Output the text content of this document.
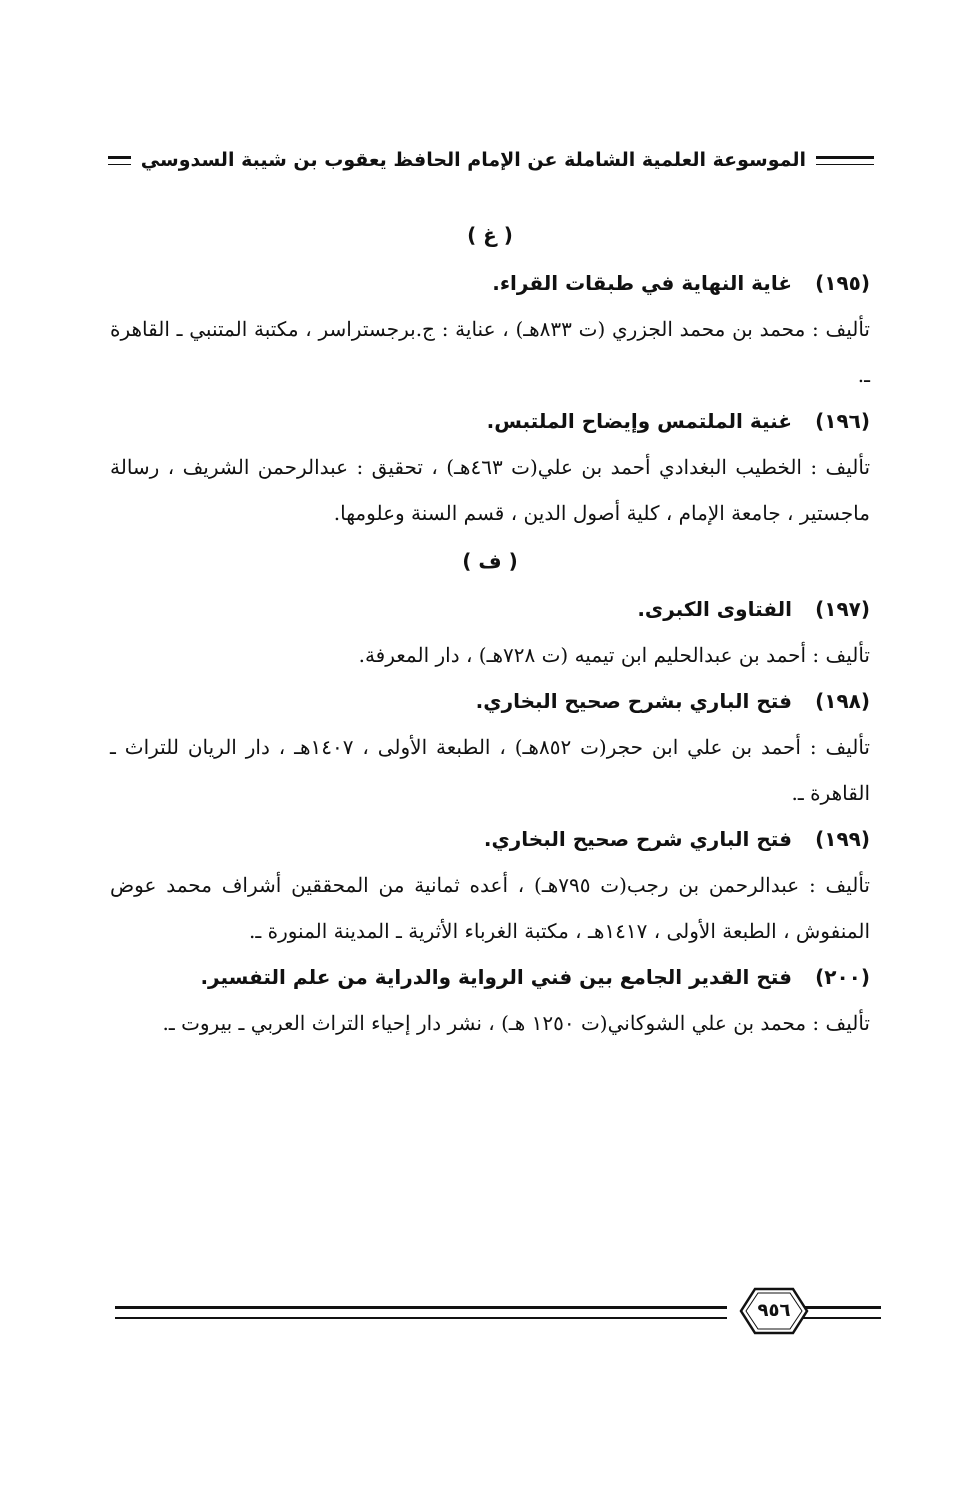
الموسوعة العلمية الشاملة عن الإمام الحافظ يعقوب بن شيبة السدوسي
( غ )
(١٩٥)
غاية النهاية في طبقات القراء.
تأليف : محمد بن محمد الجزري (ت ٨٣٣هـ) ، عناية : ج.برجستراسر ، مكتبة المتنبي ـ القاهرة ـ.
(١٩٦)
غنية الملتمس وإيضاح الملتبس.
تأليف : الخطيب البغدادي أحمد بن علي(ت ٤٦٣هـ) ، تحقيق : عبدالرحمن الشريف ، رسالة ماجستير ، جامعة الإمام ، كلية أصول الدين ، قسم السنة وعلومها.
( ف )
(١٩٧)
الفتاوى الكبرى.
تأليف : أحمد بن عبدالحليم ابن تيميه (ت ٧٢٨هـ) ، دار المعرفة.
(١٩٨)
فتح الباري بشرح صحيح البخاري.
تأليف : أحمد بن علي ابن حجر(ت ٨٥٢هـ) ، الطبعة الأولى ، ١٤٠٧هـ ، دار الريان للتراث ـ القاهرة ـ.
(١٩٩)
فتح الباري شرح صحيح البخاري.
تأليف : عبدالرحمن بن رجب(ت ٧٩٥هـ) ، أعده ثمانية من المحققين أشراف محمد عوض المنفوش ، الطبعة الأولى ، ١٤١٧هـ ، مكتبة الغرباء الأثرية ـ المدينة المنورة ـ.
(٢٠٠)
فتح القدير الجامع بين فني الرواية والدراية من علم التفسير.
تأليف : محمد بن علي الشوكاني(ت ١٢٥٠ هـ) ، نشر دار إحياء التراث العربي ـ بيروت ـ.
٩٥٦
